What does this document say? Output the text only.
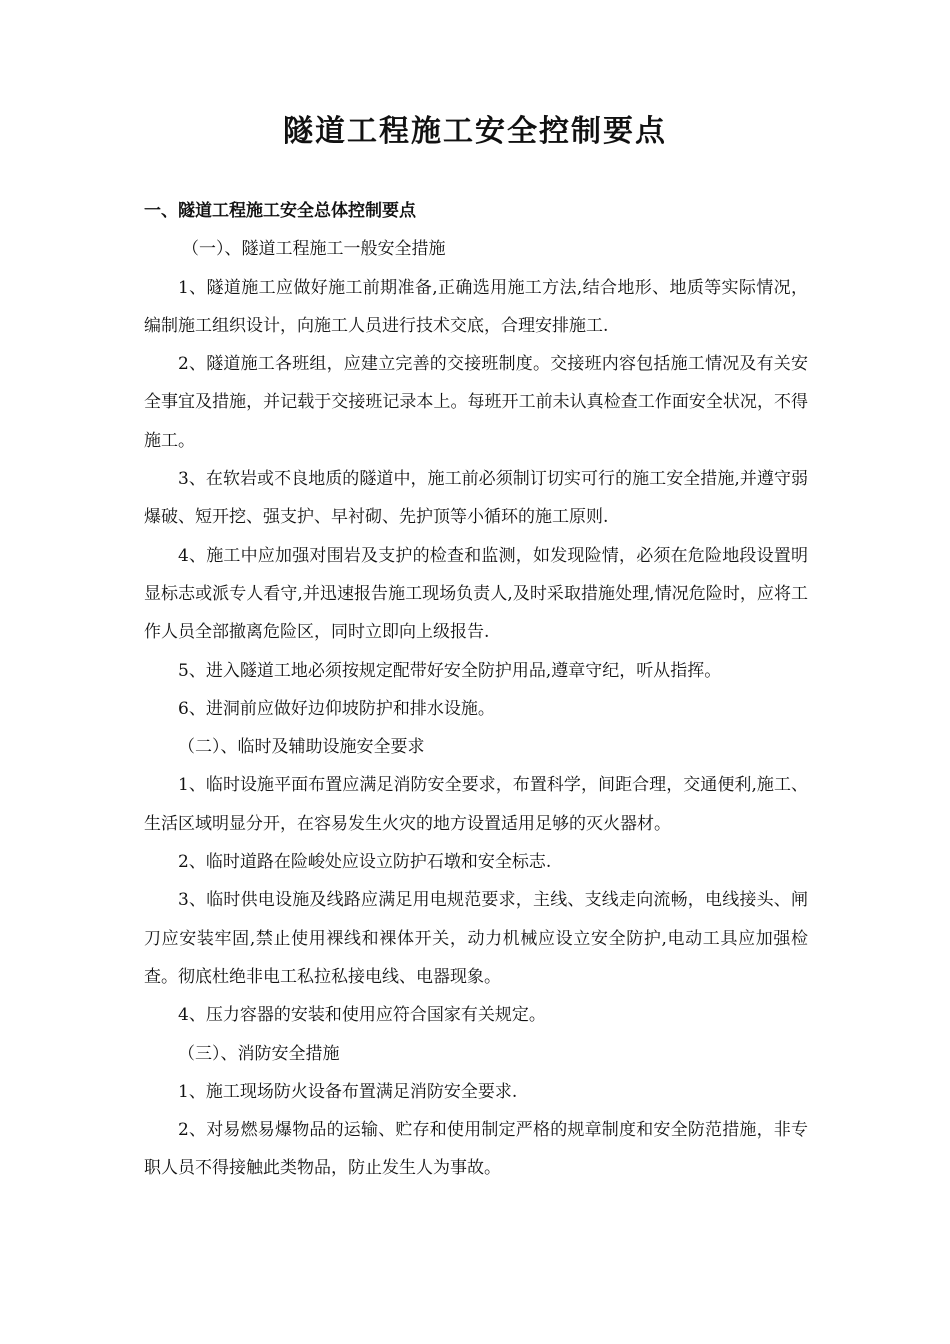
隧道工程施工安全控制要点

一、隧道工程施工安全总体控制要点

（一）、隧道工程施工一般安全措施

1、隧道施工应做好施工前期准备,正确选用施工方法,结合地形、地质等实际情况，编制施工组织设计，向施工人员进行技术交底，合理安排施工.

2、隧道施工各班组，应建立完善的交接班制度。交接班内容包括施工情况及有关安全事宜及措施，并记载于交接班记录本上。每班开工前未认真检查工作面安全状况，不得施工。

3、在软岩或不良地质的隧道中，施工前必须制订切实可行的施工安全措施,并遵守弱爆破、短开挖、强支护、早衬砌、先护顶等小循环的施工原则.

4、施工中应加强对围岩及支护的检查和监测，如发现险情，必须在危险地段设置明显标志或派专人看守,并迅速报告施工现场负责人,及时采取措施处理,情况危险时，应将工作人员全部撤离危险区，同时立即向上级报告.

5、进入隧道工地必须按规定配带好安全防护用品,遵章守纪，听从指挥。

6、进洞前应做好边仰坡防护和排水设施。

（二）、临时及辅助设施安全要求

1、临时设施平面布置应满足消防安全要求，布置科学，间距合理，交通便利,施工、生活区域明显分开，在容易发生火灾的地方设置适用足够的灭火器材。

2、临时道路在险峻处应设立防护石墩和安全标志.

3、临时供电设施及线路应满足用电规范要求，主线、支线走向流畅，电线接头、闸刀应安装牢固,禁止使用裸线和裸体开关，动力机械应设立安全防护,电动工具应加强检查。彻底杜绝非电工私拉私接电线、电器现象。

4、压力容器的安装和使用应符合国家有关规定。

（三）、消防安全措施

1、施工现场防火设备布置满足消防安全要求.

2、对易燃易爆物品的运输、贮存和使用制定严格的规章制度和安全防范措施，非专职人员不得接触此类物品，防止发生人为事故。
